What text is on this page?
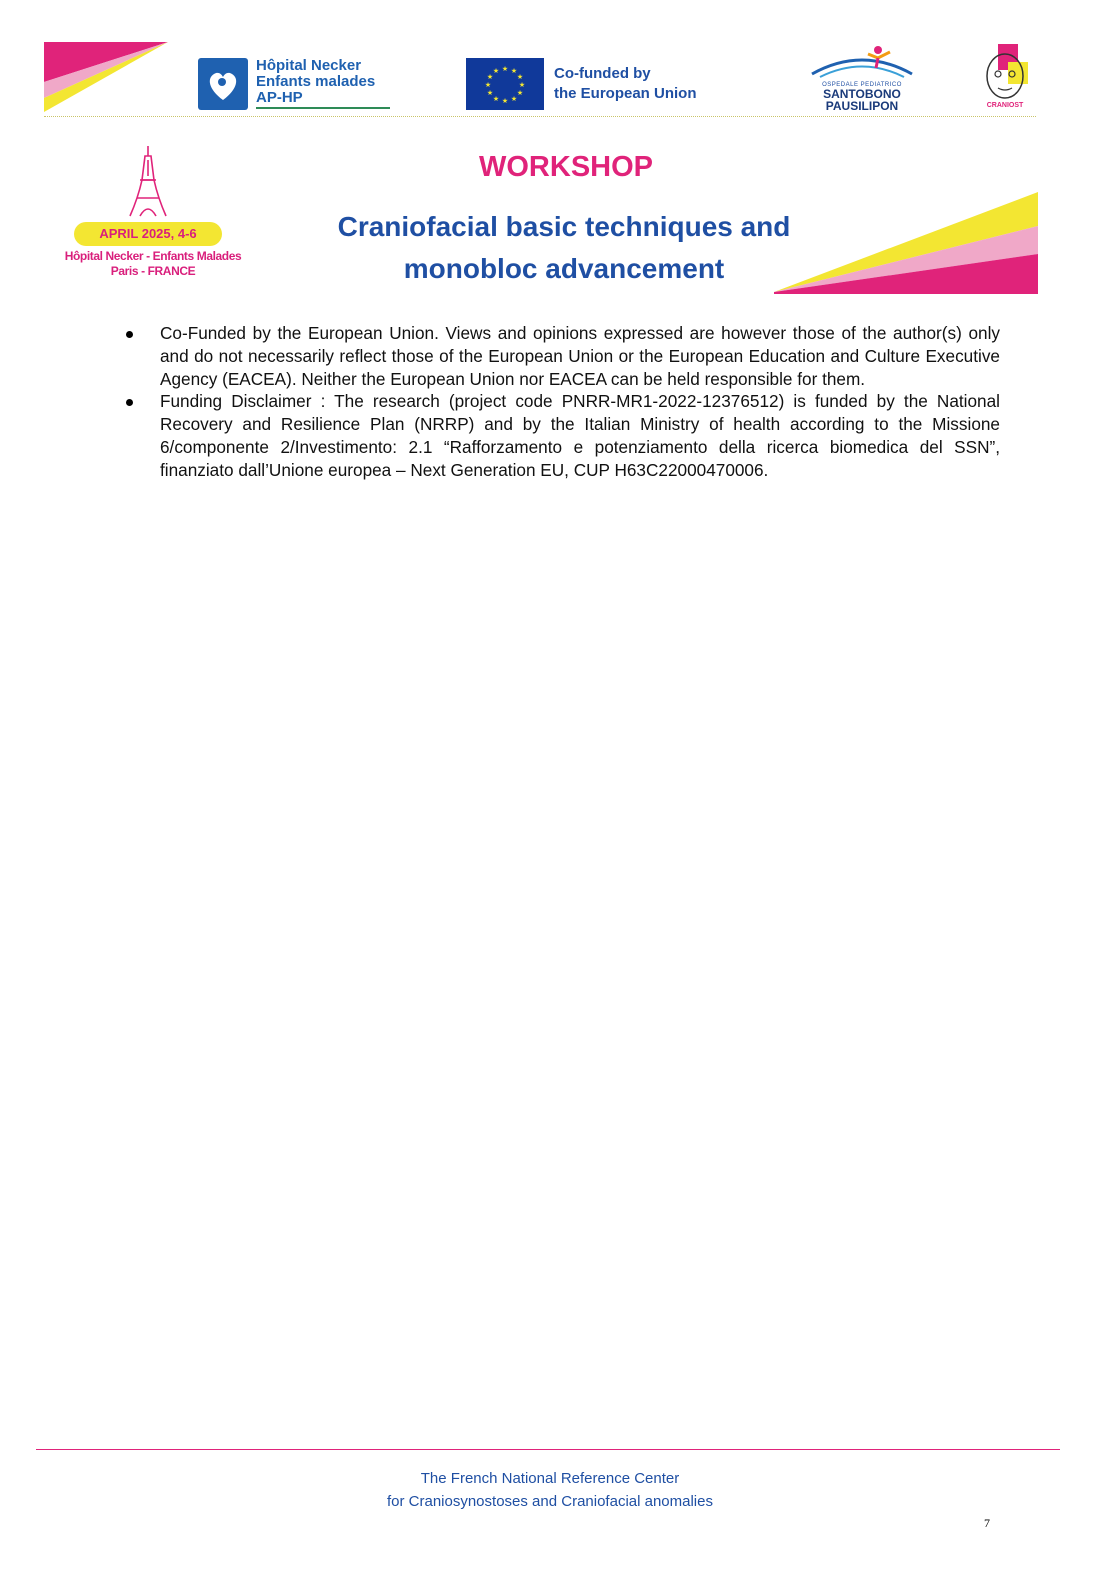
Hôpital Necker
Enfants malades
AP-HP
★ ★
★
★
★
★
★
★
★
★
★
★	Co-funded by
the European Union	OSPEDALE PEDIATRICO
SANTOBONO
PAUSILIPON	CRANIOST
APRIL 2025, 4-6
Hôpital Necker - Enfants Malades
Paris - FRANCE
WORKSHOP
Craniofacial basic techniques and
monobloc advancement
Co-Funded by the European Union. Views and opinions expressed are however those of the author(s) only and do not necessarily reflect those of the European Union or the European Education and Culture Executive Agency (EACEA). Neither the European Union nor EACEA can be held responsible for them.
Funding Disclaimer : The research (project code PNRR-MR1-2022-12376512) is funded by the National Recovery and Resilience Plan (NRRP) and by the Italian Ministry of health according to the Missione 6/componente 2/Investimento: 2.1 “Rafforzamento e potenziamento della ricerca biomedica del SSN”, finanziato dall’Unione europea – Next Generation EU, CUP H63C22000470006.
The French National Reference Center
for Craniosynostoses and Craniofacial anomalies
7
